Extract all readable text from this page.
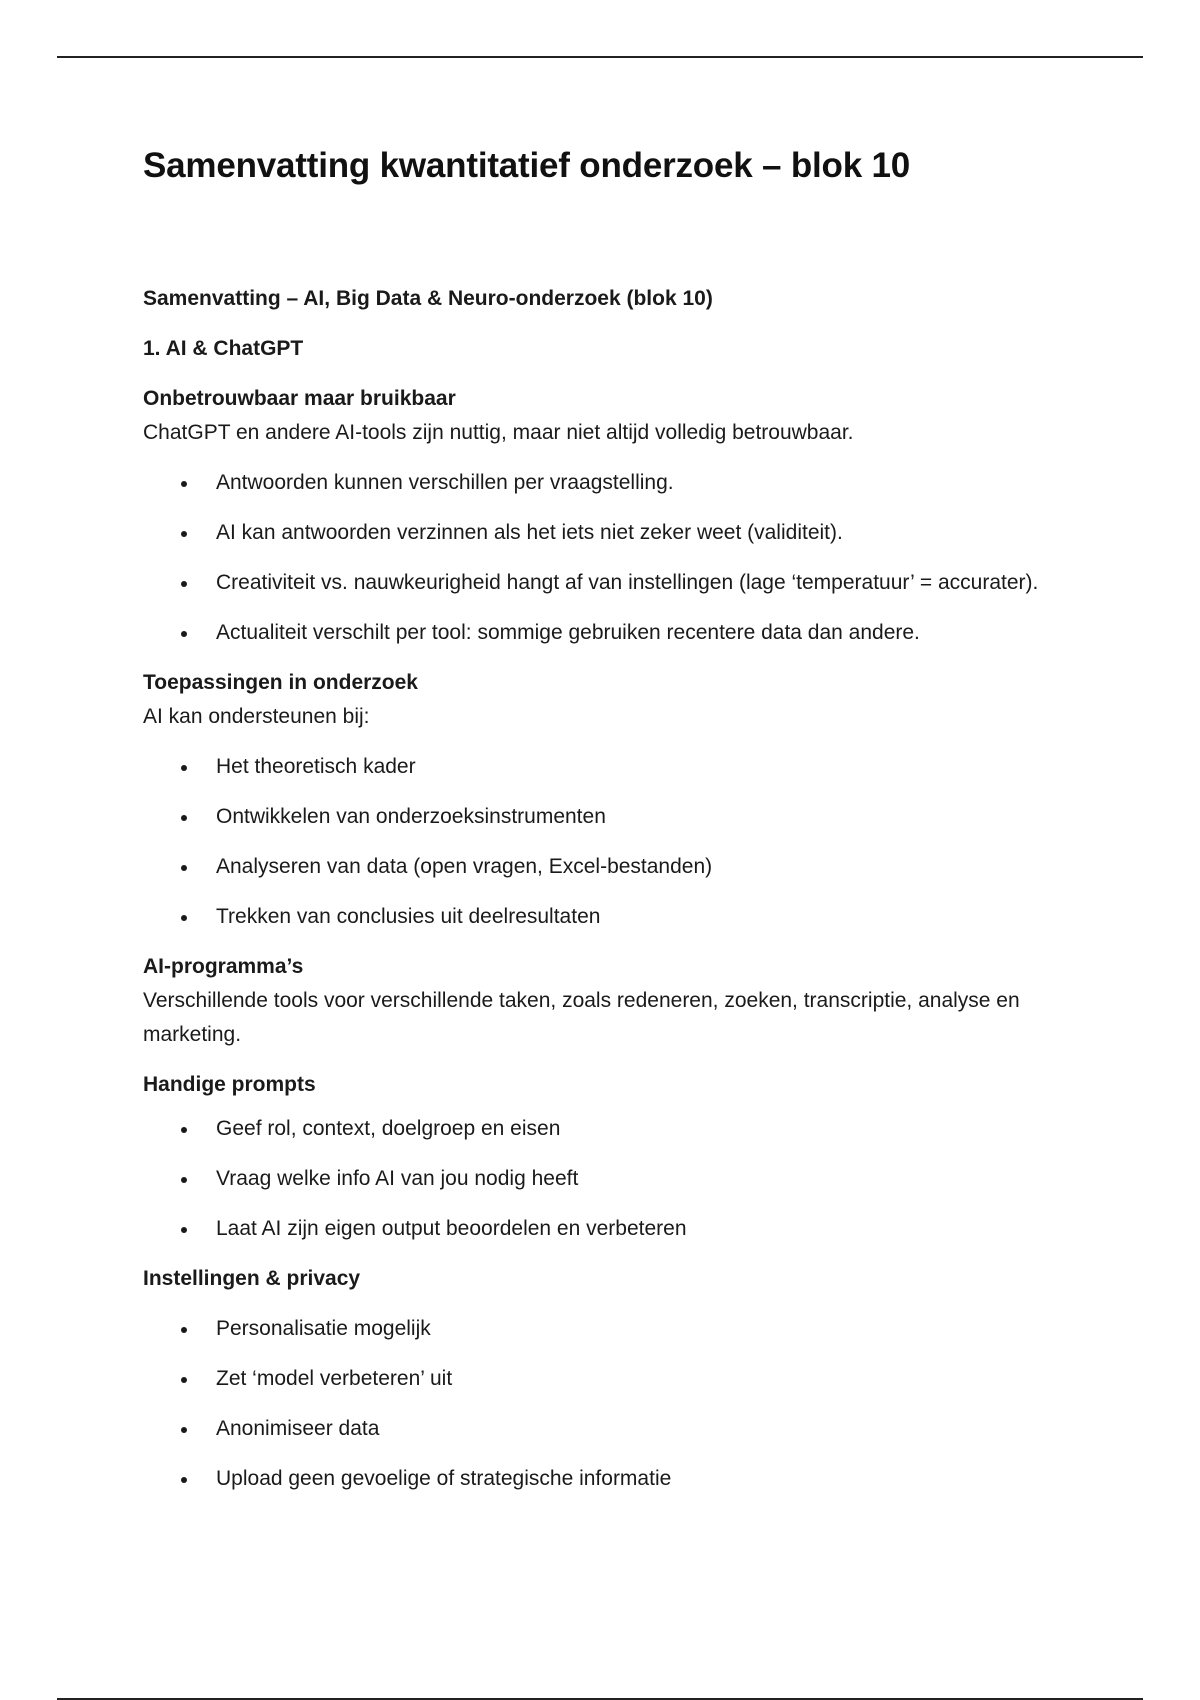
Samenvatting kwantitatief onderzoek – blok 10

Samenvatting – AI, Big Data & Neuro-onderzoek (blok 10)

1. AI & ChatGPT

Onbetrouwbaar maar bruikbaar

ChatGPT en andere AI-tools zijn nuttig, maar niet altijd volledig betrouwbaar.

Antwoorden kunnen verschillen per vraagstelling.
AI kan antwoorden verzinnen als het iets niet zeker weet (validiteit).
Creativiteit vs. nauwkeurigheid hangt af van instellingen (lage ‘temperatuur’ = accurater).
Actualiteit verschilt per tool: sommige gebruiken recentere data dan andere.

Toepassingen in onderzoek

AI kan ondersteunen bij:

Het theoretisch kader
Ontwikkelen van onderzoeksinstrumenten
Analyseren van data (open vragen, Excel-bestanden)
Trekken van conclusies uit deelresultaten

AI-programma’s

Verschillende tools voor verschillende taken, zoals redeneren, zoeken, transcriptie, analyse en marketing.

Handige prompts

Geef rol, context, doelgroep en eisen
Vraag welke info AI van jou nodig heeft
Laat AI zijn eigen output beoordelen en verbeteren

Instellingen & privacy

Personalisatie mogelijk
Zet ‘model verbeteren’ uit
Anonimiseer data
Upload geen gevoelige of strategische informatie
